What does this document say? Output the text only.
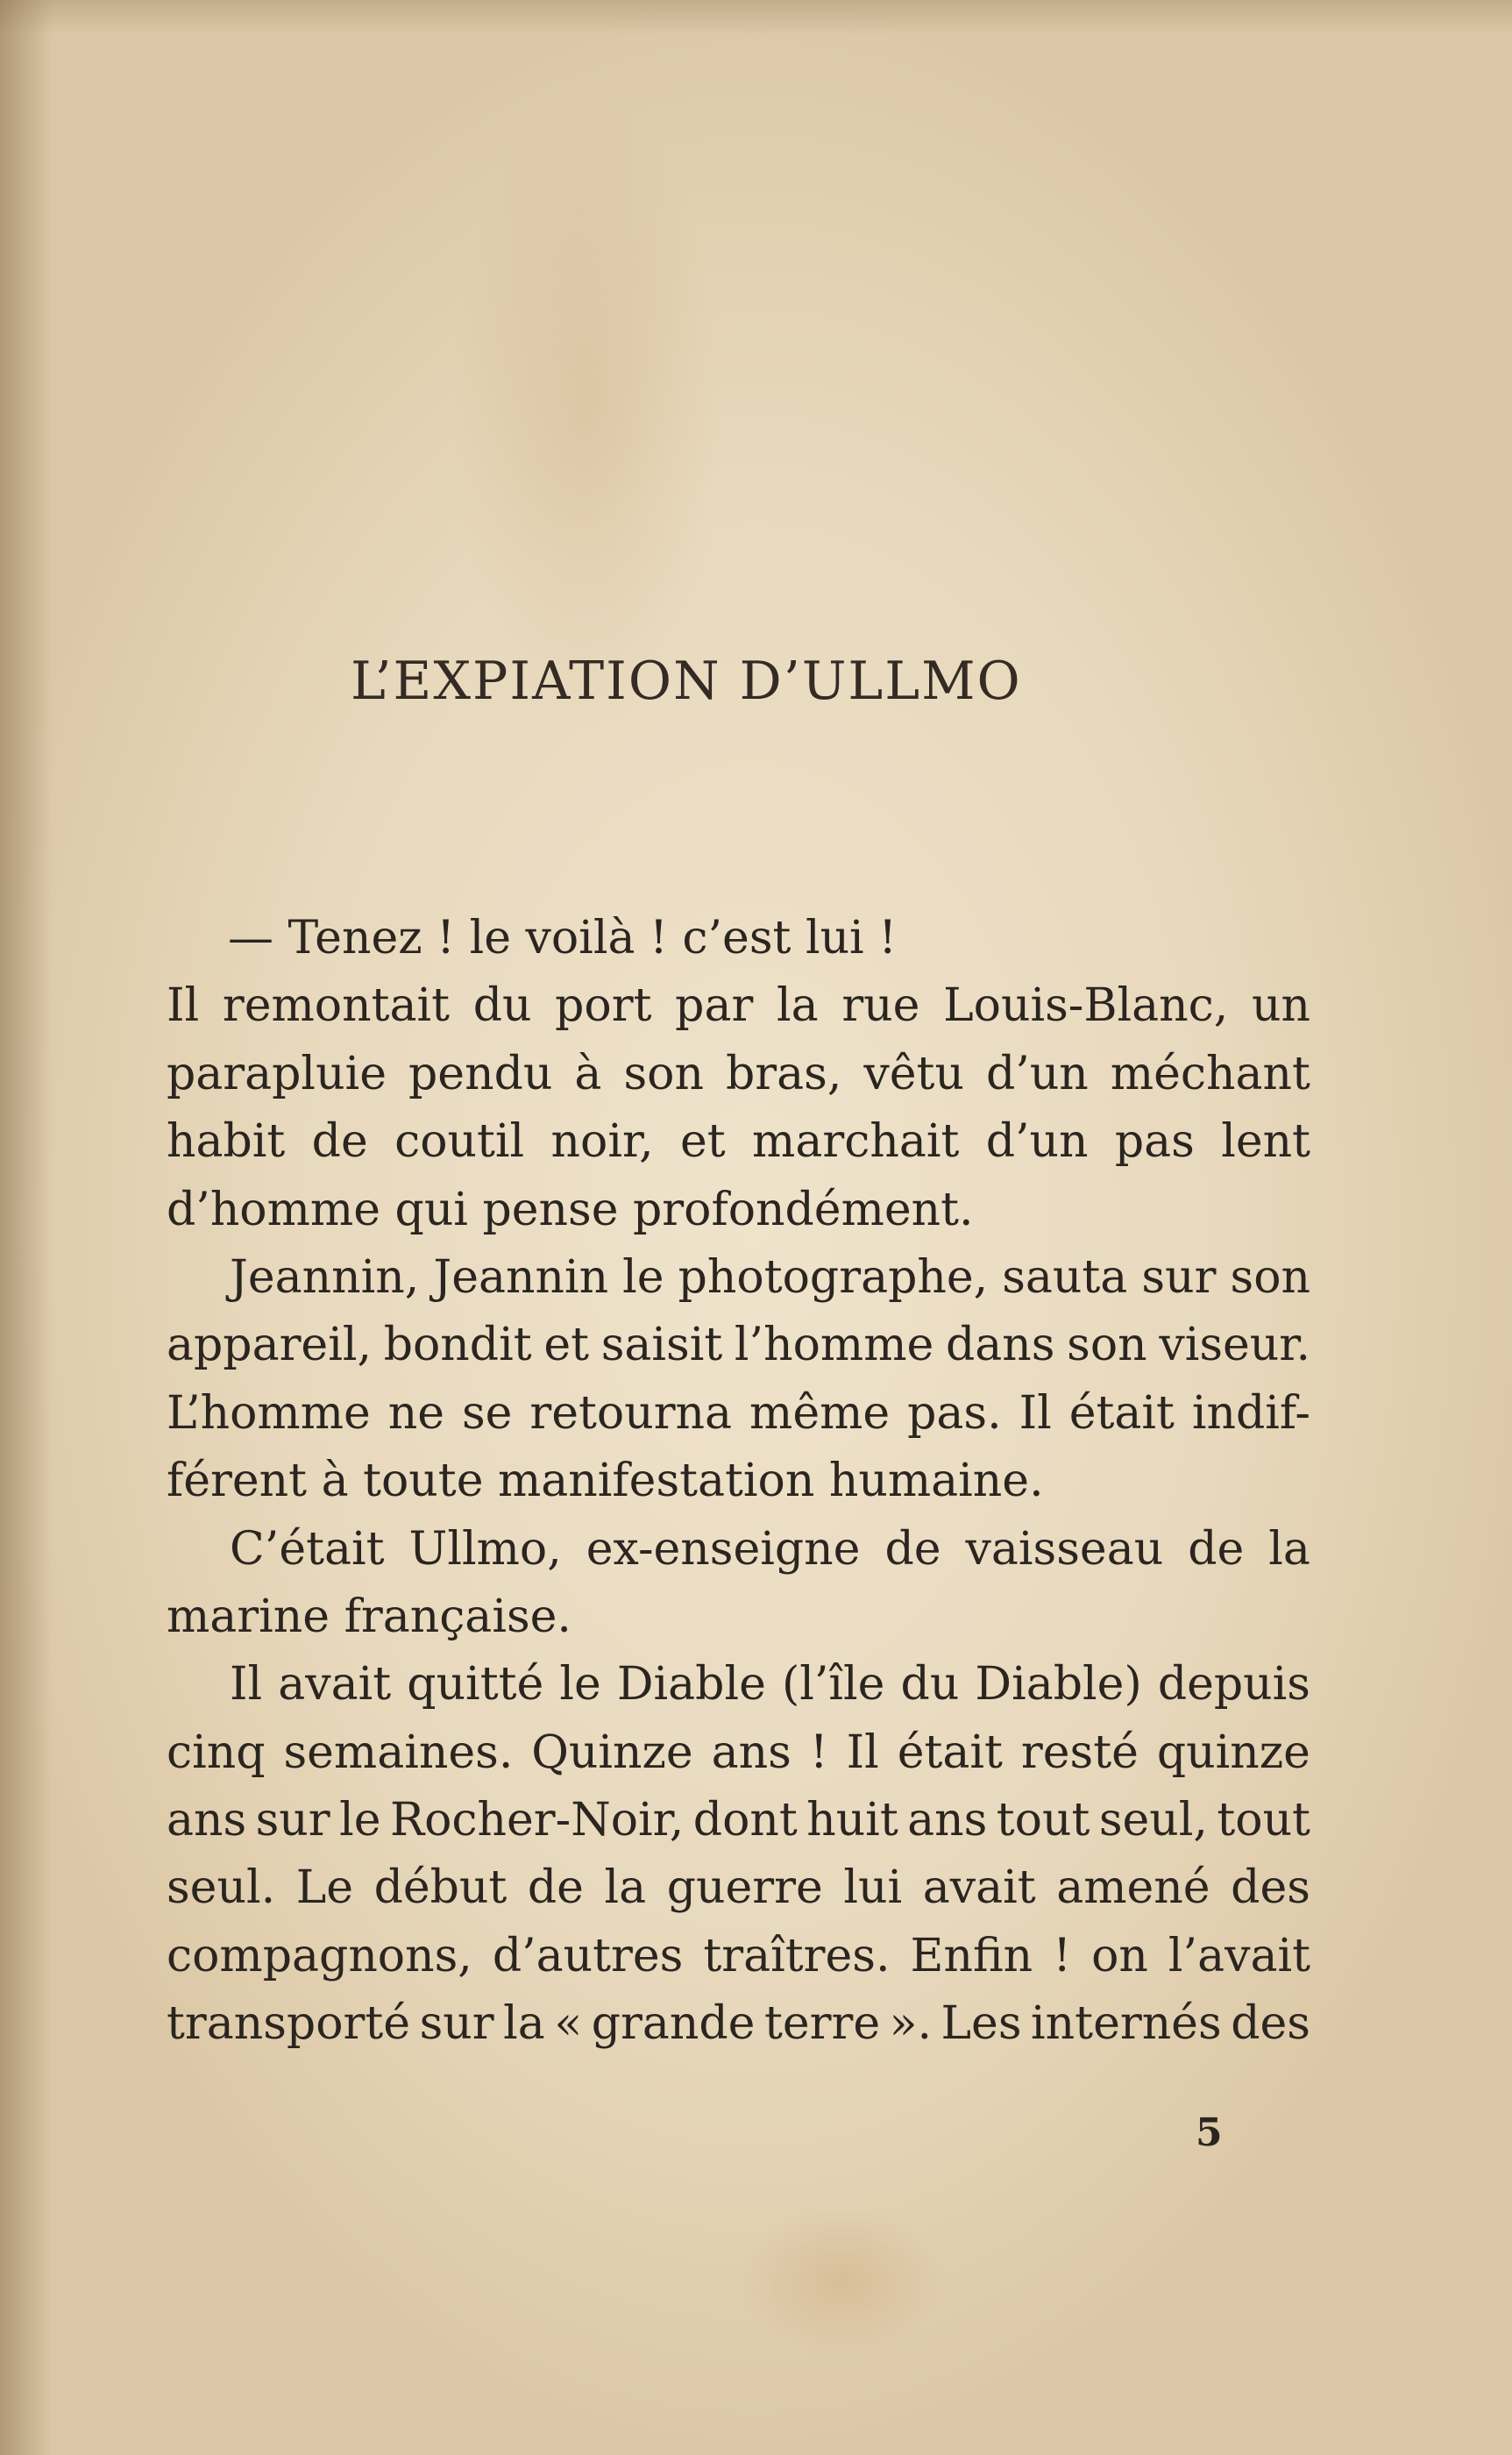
L’EXPIATION D’ULLMO
— Tenez ! le voilà ! c’est lui !
Il remontait du port par la rue Louis-Blanc, un
parapluie pendu à son bras, vêtu d’un méchant
habit de coutil noir, et marchait d’un pas lent
d’homme qui pense profondément.
Jeannin, Jeannin le photographe, sauta sur son
appareil, bondit et saisit l’homme dans son viseur.
L’homme ne se retourna même pas. Il était indif-
férent à toute manifestation humaine.
C’était Ullmo, ex-enseigne de vaisseau de la
marine française.
Il avait quitté le Diable (l’île du Diable) depuis
cinq semaines. Quinze ans ! Il était resté quinze
ans sur le Rocher-Noir, dont huit ans tout seul, tout
seul. Le début de la guerre lui avait amené des
compagnons, d’autres traîtres. Enfin ! on l’avait
transporté sur la « grande terre ». Les internés des
5
